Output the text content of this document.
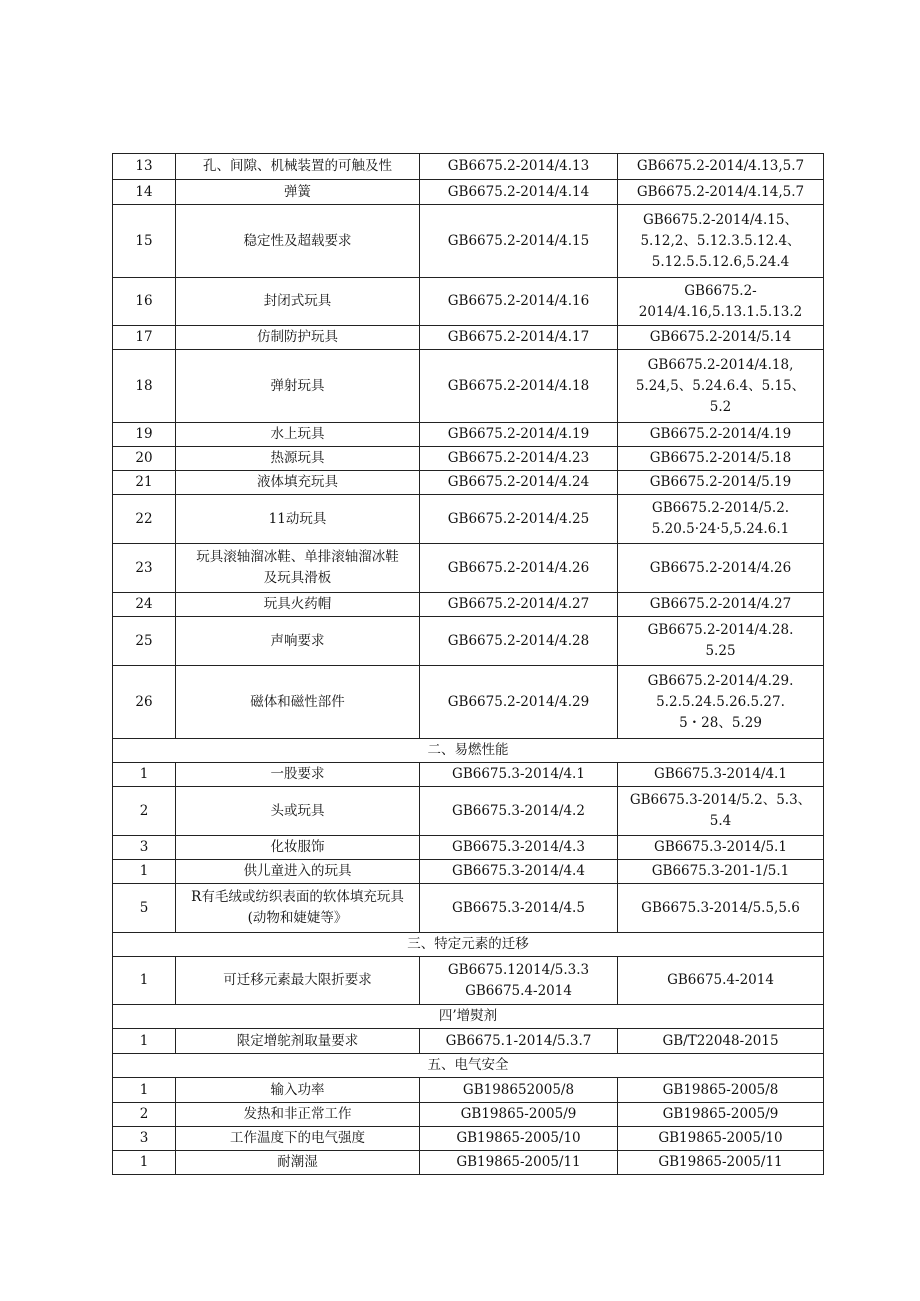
13	孔、间隙、机械装置的可触及性	GB6675.2-2014/4.13	GB6675.2-2014/4.13,5.7
14	弹簧	GB6675.2-2014/4.14	GB6675.2-2014/4.14,5.7
15	稳定性及超载要求	GB6675.2-2014/4.15	GB6675.2-2014/4.15、
5.12,2、5.12.3.5.12.4、
5.12.5.5.12.6,5.24.4
16	封闭式玩具	GB6675.2-2014/4.16	GB6675.2-
2014/4.16,5.13.1.5.13.2
17	仿制防护玩具	GB6675.2-2014/4.17	GB6675.2-2014/5.14
18	弹射玩具	GB6675.2-2014/4.18	GB6675.2-2014/4.18,
5.24,5、5.24.6.4、5.15、
5.2
19	水上玩具	GB6675.2-2014/4.19	GB6675.2-2014/4.19
20	热源玩具	GB6675.2-2014/4.23	GB6675.2-2014/5.18
21	液体填充玩具	GB6675.2-2014/4.24	GB6675.2-2014/5.19
22	11动玩具	GB6675.2-2014/4.25	GB6675.2-2014/5.2.
5.20.5·24·5,5.24.6.1
23	玩具滚轴溜冰鞋、单排滚轴溜冰鞋
及玩具滑板	GB6675.2-2014/4.26	GB6675.2-2014/4.26
24	玩具火药帽	GB6675.2-2014/4.27	GB6675.2-2014/4.27
25	声响要求	GB6675.2-2014/4.28	GB6675.2-2014/4.28.
5.25
26	磁体和磁性部件	GB6675.2-2014/4.29	GB6675.2-2014/4.29.
5.2.5.24.5.26.5.27.
5・28、5.29
二、易燃性能			
1	一股要求	GB6675.3-2014/4.1	GB6675.3-2014/4.1
2	头或玩具	GB6675.3-2014/4.2	GB6675.3-2014/5.2、5.3、
5.4
3	化妆服饰	GB6675.3-2014/4.3	GB6675.3-2014/5.1
1	供儿童进入的玩具	GB6675.3-2014/4.4	GB6675.3-201-1/5.1
5	R有毛绒或纺织表面的软体填充玩具
(动物和婕婕等》	GB6675.3-2014/4.5	GB6675.3-2014/5.5,5.6
三、特定元素的迁移			
1	可迁移元素最大限折要求	GB6675.12014/5.3.3
GB6675.4-2014	GB6675.4-2014
四’增熨剂			
1	限定增鸵剂取量要求	GB6675.1-2014/5.3.7	GB/T22048-2015
五、电气安全			
1	输入功率	GB198652005/8	GB19865-2005/8
2	发热和非正常工作	GB19865-2005/9	GB19865-2005/9
3	工作温度下的电气强度	GB19865-2005/10	GB19865-2005/10
1	耐潮湿	GB19865-2005/11	GB19865-2005/11
